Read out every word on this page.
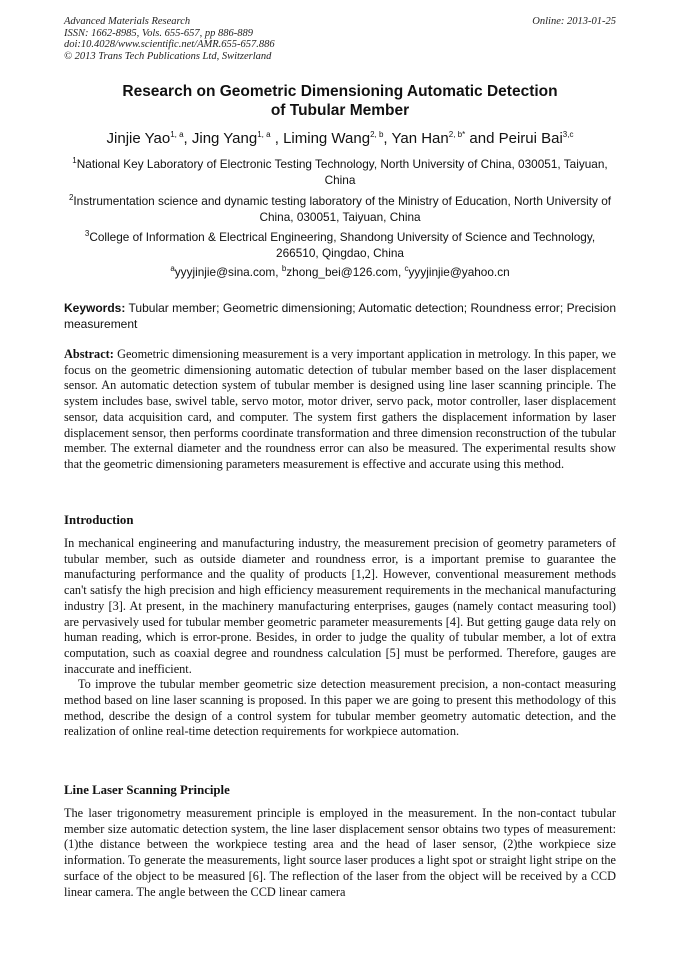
Advanced Materials Research
ISSN: 1662-8985, Vols. 655-657, pp 886-889
doi:10.4028/www.scientific.net/AMR.655-657.886
© 2013 Trans Tech Publications Ltd, Switzerland
Online: 2013-01-25
Research on Geometric Dimensioning Automatic Detection
of Tubular Member
Jinjie Yao$^{1, a}$, Jing Yang$^{1, a}$ , Liming Wang$^{2, b}$, Yan Han$^{2, b*}$ and Peirui Bai$^{3,c}$
$^1$National Key Laboratory of Electronic Testing Technology, North University of China, 030051, Taiyuan, China
$^2$Instrumentation science and dynamic testing laboratory of the Ministry of Education, North University of China, 030051, Taiyuan, China
$^3$College of Information & Electrical Engineering, Shandong University of Science and Technology, 266510, Qingdao, China
$^a$yyyjinjie@sina.com, $^b$zhong_bei@126.com, $^c$yyyjinjie@yahoo.cn
Keywords: Tubular member; Geometric dimensioning; Automatic detection; Roundness error; Precision measurement
Abstract: Geometric dimensioning measurement is a very important application in metrology. In this paper, we focus on the geometric dimensioning automatic detection of tubular member based on the laser displacement sensor. An automatic detection system of tubular member is designed using line laser scanning principle. The system includes base, swivel table, servo motor, motor driver, servo pack, motor controller, laser displacement sensor, data acquisition card, and computer. The system first gathers the displacement information by laser displacement sensor, then performs coordinate transformation and three dimension reconstruction of the tubular member. The external diameter and the roundness error can also be measured. The experimental results show that the geometric dimensioning parameters measurement is effective and accurate using this method.
Introduction

In mechanical engineering and manufacturing industry, the measurement precision of geometry parameters of tubular member, such as outside diameter and roundness error, is a important premise to guarantee the manufacturing performance and the quality of products [1,2]. However, conventional measurement methods can't satisfy the high precision and high efficiency measurement requirements in the mechanical manufacturing industry [3]. At present, in the machinery manufacturing enterprises, gauges (namely contact measuring tool) are pervasively used for tubular member geometric parameter measurements [4]. But getting gauge data rely on human reading, which is error-prone. Besides, in order to judge the quality of tubular member, a lot of extra computation, such as coaxial degree and roundness calculation [5] must be performed. Therefore, gauges are inaccurate and inefficient.

To improve the tubular member geometric size detection measurement precision, a non-contact measuring method based on line laser scanning is proposed. In this paper we are going to present this methodology of this method, describe the design of a control system for tubular member geometry automatic detection, and the realization of online real-time detection requirements for workpiece automation.

Line Laser Scanning Principle

The laser trigonometry measurement principle is employed in the measurement. In the non-contact tubular member size automatic detection system, the line laser displacement sensor obtains two types of measurement: (1)the distance between the workpiece testing area and the head of laser sensor, (2)the workpiece size information. To generate the measurements, light source laser produces a light spot or straight light stripe on the surface of the object to be measured [6]. The reflection of the laser from the object will be received by a CCD linear camera. The angle between the CCD linear camera
